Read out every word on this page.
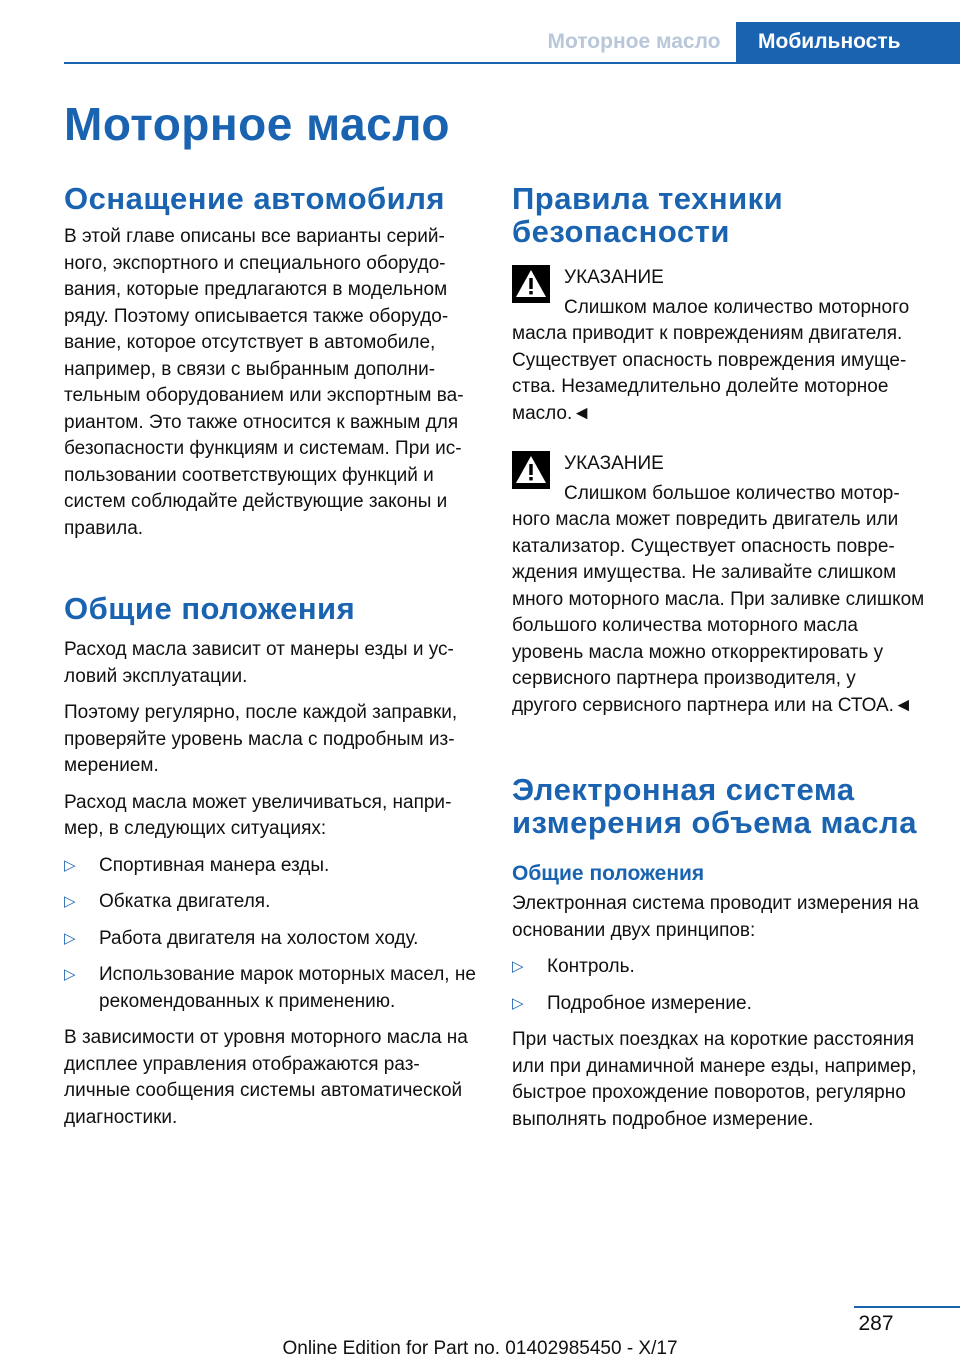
Моторное масло	Мобильность
Моторное масло
Оснащение автомобиля

В этой главе описаны все варианты серийного, экспортного и специального оборудования, которые предлагаются в модельном ряду. Поэтому описывается также оборудование, которое отсутствует в автомобиле, например, в связи с выбранным дополнительным оборудованием или экспортным вариантом. Это также относится к важным для безопасности функциям и системам. При использовании соответствующих функций и систем соблюдайте действующие законы и правила.

Общие положения

Расход масла зависит от манеры езды и условий эксплуатации.

Поэтому регулярно, после каждой заправки, проверяйте уровень масла с подробным измерением.

Расход масла может увеличиваться, например, в следующих ситуациях:

▷ Спортивная манера езды.
▷ Обкатка двигателя.
▷ Работа двигателя на холостом ходу.
▷ Использование марок моторных масел, не рекомендованных к применению.

В зависимости от уровня моторного масла на дисплее управления отображаются различные сообщения системы автоматической диагностики.

Правила техники безопасности
УКАЗАНИЕ

Слишком малое количество моторного масла приводит к повреждениям двигателя. Существует опасность повреждения имущества. Незамедлительно долейте моторное масло.◄

УКАЗАНИЕ

Слишком большое количество моторного масла может повредить двигатель или катализатор. Существует опасность повреждения имущества. Не заливайте слишком много моторного масла. При заливке слишком большого количества моторного масла уровень масла можно откорректировать у сервисного партнера производителя, у другого сервисного партнера или на СТОА.◄

Электронная система измерения объема масла
Общие положения

Электронная система проводит измерения на основании двух принципов:

▷ Контроль.
▷ Подробное измерение.

При частых поездках на короткие расстояния или при динамичной манере езды, например, быстрое прохождение поворотов, регулярно выполнять подробное измерение.

287
Online Edition for Part no. 01402985450 - X/17
